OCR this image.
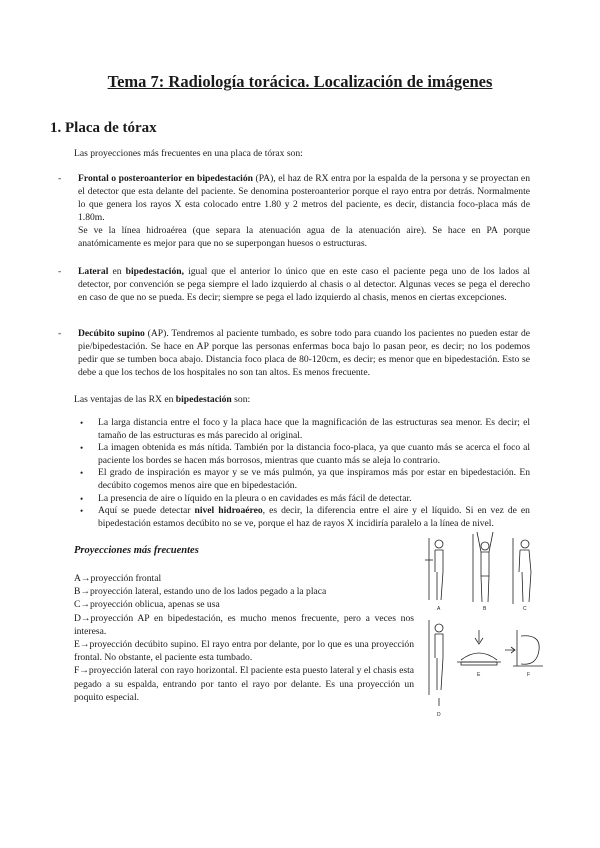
Tema 7: Radiología torácica. Localización de imágenes
1. Placa de tórax
Las proyecciones más frecuentes en una placa de tórax son:
- Frontal o posteroanterior en bipedestación (PA), el haz de RX entra por la espalda de la persona y se proyectan en el detector que esta delante del paciente. Se denomina posteroanterior porque el rayo entra por detrás. Normalmente lo que genera los rayos X esta colocado entre 1.80 y 2 metros del paciente, es decir, distancia foco-placa más de 1.80m.

Se ve la línea hidroaérea (que separa la atenuación agua de la atenuación aire). Se hace en PA porque anatómicamente es mejor para que no se superpongan huesos o estructuras.

- Lateral en bipedestación, igual que el anterior lo único que en este caso el paciente pega uno de los lados al detector, por convención se pega siempre el lado izquierdo al chasis o al detector. Algunas veces se pega el derecho en caso de que no se pueda. Es decir; siempre se pega el lado izquierdo al chasis, menos en ciertas excepciones.

- Decúbito supino (AP). Tendremos al paciente tumbado, es sobre todo para cuando los pacientes no pueden estar de pie/bipedestación. Se hace en AP porque las personas enfermas boca bajo lo pasan peor, es decir; no los podemos pedir que se tumben boca abajo. Distancia foco placa de 80-120cm, es decir; es menor que en bipedestación. Esto se debe a que los techos de los hospitales no son tan altos. Es menos frecuente.

Las ventajas de las RX en bipedestación son:
• La larga distancia entre el foco y la placa hace que la magnificación de las estructuras sea menor. Es decir; el tamaño de las estructuras es más parecido al original.
• La imagen obtenida es más nítida. También por la distancia foco-placa, ya que cuanto más se acerca el foco al paciente los bordes se hacen más borrosos, mientras que cuanto más se aleja lo contrario.
• El grado de inspiración es mayor y se ve más pulmón, ya que inspiramos más por estar en bipedestación. En decúbito cogemos menos aire que en bipedestación.
• La presencia de aire o líquido en la pleura o en cavidades es más fácil de detectar.
• Aquí se puede detectar nivel hidroaéreo, es decir, la diferencia entre el aire y el líquido. Si en vez de en bipedestación estamos decúbito no se ve, porque el haz de rayos X incidiría paralelo a la línea de nivel.
Proyecciones más frecuentes

A→proyección frontal

B→proyección lateral, estando uno de los lados pegado a la placa

C→proyección oblicua, apenas se usa

D→proyección AP en bipedestación, es mucho menos frecuente, pero a veces nos interesa.

E→proyección decúbito supino. El rayo entra por delante, por lo que es una proyección frontal. No obstante, el paciente esta tumbado.

F→proyección lateral con rayo horizontal. El paciente esta puesto lateral y el chasis esta pegado a su espalda, entrando por tanto el rayo por delante. Es una proyección un poquito especial.

A	B	C
D
E	F
